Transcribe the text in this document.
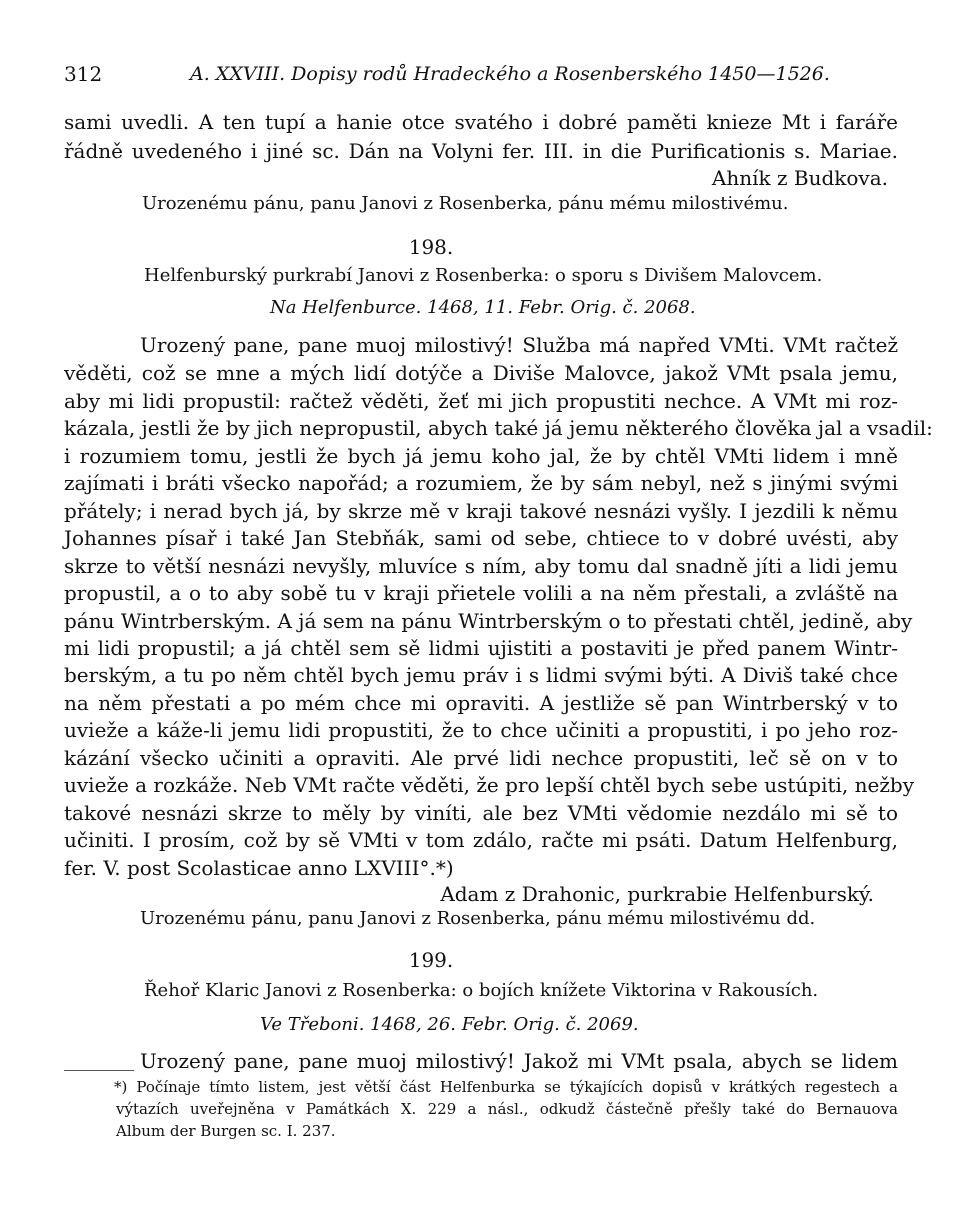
312	A. XXVIII. Dopisy rodů Hradeckého a Rosenberského 1450—1526.
sami uvedli. A ten tupí a hanie otce svatého i dobré paměti knieze Mt i faráře
řádně uvedeného i jiné sc. Dán na Volyni fer. III. in die Purificationis s. Mariae.
Ahník z Budkova.
Urozenému pánu, panu Janovi z Rosenberka, pánu mému milostivému.
198.
Helfenburský purkrabí Janovi z Rosenberka: o sporu s Divišem Malovcem.
Na Helfenburce. 1468, 11. Febr. Orig. č. 2068.
Urozený pane, pane muoj milostivý! Služba má napřed VMti. VMt račtež
věděti, což se mne a mých lidí dotýče a Diviše Malovce, jakož VMt psala jemu,
aby mi lidi propustil: račtež věděti, žeť mi jich propustiti nechce. A VMt mi roz-
kázala, jestli že by jich nepropustil, abych také já jemu některého člověka jal a vsadil:
i rozumiem tomu, jestli že bych já jemu koho jal, že by chtěl VMti lidem i mně
zajímati i bráti všecko napořád; a rozumiem, že by sám nebyl, než s jinými svými
přátely; i nerad bych já, by skrze mě v kraji takové nesnázi vyšly. I jezdili k němu
Johannes písař i také Jan Stebňák, sami od sebe, chtiece to v dobré uvésti, aby
skrze to větší nesnázi nevyšly, mluvíce s ním, aby tomu dal snadně jíti a lidi jemu
propustil, a o to aby sobě tu v kraji přietele volili a na něm přestali, a zvláště na
pánu Wintrberským. A já sem na pánu Wintrberským o to přestati chtěl, jedině, aby
mi lidi propustil; a já chtěl sem sě lidmi ujistiti a postaviti je před panem Wintr-
berským, a tu po něm chtěl bych jemu práv i s lidmi svými býti. A Diviš také chce
na něm přestati a po mém chce mi opraviti. A jestliže sě pan Wintrberský v to
uvieže a káže-li jemu lidi propustiti, že to chce učiniti a propustiti, i po jeho roz-
kázání všecko učiniti a opraviti. Ale prvé lidi nechce propustiti, leč sě on v to
uvieže a rozkáže. Neb VMt račte věděti, že pro lepší chtěl bych sebe ustúpiti, nežby
takové nesnázi skrze to měly by viníti, ale bez VMti vědomie nezdálo mi sě to
učiniti. I prosím, což by sě VMti v tom zdálo, račte mi psáti. Datum Helfenburg,
fer. V. post Scolasticae anno LXVIII°.*)
Adam z Drahonic, purkrabie Helfenburský.
Urozenému pánu, panu Janovi z Rosenberka, pánu mému milostivému dd.
199.
Řehoř Klaric Janovi z Rosenberka: o bojích knížete Viktorina v Rakousích.
Ve Třeboni. 1468, 26. Febr. Orig. č. 2069.
Urozený pane, pane muoj milostivý! Jakož mi VMt psala, abych se lidem
*) Počínaje tímto listem, jest větší část Helfenburka se týkajících dopisů v krátkých regestech a
výtazích uveřejněna v Památkách X. 229 a násl., odkudž částečně přešly také do Bernauova
Album der Burgen sc. I. 237.
